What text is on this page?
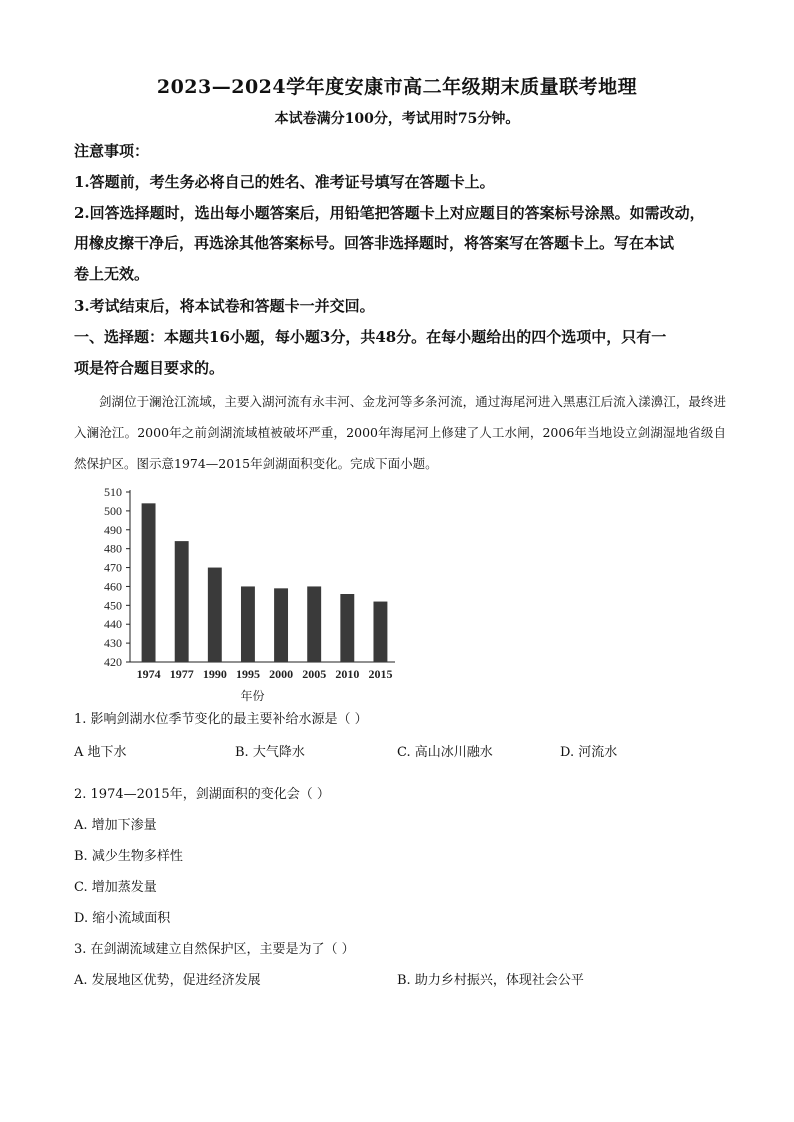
2023—2024学年度安康市高二年级期末质量联考地理
本试卷满分100分，考试用时75分钟。
注意事项：
1.答题前，考生务必将自己的姓名、准考证号填写在答题卡上。
2.回答选择题时，选出每小题答案后，用铅笔把答题卡上对应题目的答案标号涂黑。如需改动，
用橡皮擦干净后，再选涂其他答案标号。回答非选择题时，将答案写在答题卡上。写在本试
卷上无效。
3.考试结束后，将本试卷和答题卡一并交回。
一、选择题：本题共16小题，每小题3分，共48分。在每小题给出的四个选项中，只有一
项是符合题目要求的。
剑湖位于澜沧江流域，主要入湖河流有永丰河、金龙河等多条河流，通过海尾河进入黑惠江后流入漾濞江，最终进入澜沧江。2000年之前剑湖流域植被破坏严重，2000年海尾河上修建了人工水闸，2006年当地设立剑湖湿地省级自然保护区。图示意1974—2015年剑湖面积变化。完成下面小题。
420
430
440
450
460
470
480
490
500
510
1974 1977 1990 1995 2000 2005 2010 2015
年份
1. 影响剑湖水位季节变化的最主要补给水源是（ ）
A 地下水	B. 大气降水	C. 高山冰川融水	D. 河流水
2. 1974—2015年，剑湖面积的变化会（ ）
A. 增加下渗量
B. 减少生物多样性
C. 增加蒸发量
D. 缩小流域面积
3. 在剑湖流域建立自然保护区，主要是为了（ ）
A. 发展地区优势，促进经济发展	B. 助力乡村振兴，体现社会公平
